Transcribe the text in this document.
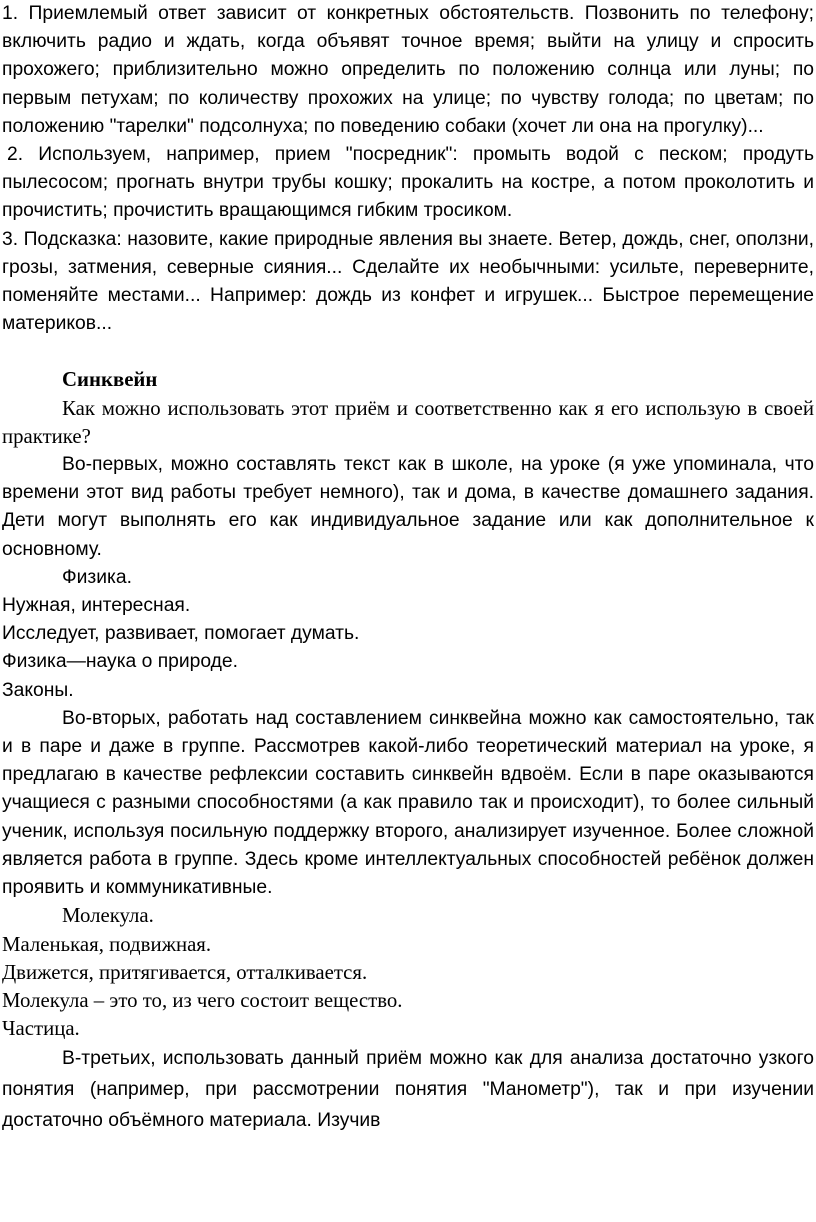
1. Приемлемый ответ зависит от конкретных обстоятельств. Позвонить по телефону; включить радио и ждать, когда объявят точное время; выйти на улицу и спросить прохожего; приблизительно можно определить по положению солнца или луны; по первым петухам; по количеству прохожих на улице; по чувству голода; по цветам; по положению "тарелки" подсолнуха; по поведению собаки (хочет ли она на прогулку)...

2. Используем, например, прием "посредник": промыть водой с песком; продуть пылесосом; прогнать внутри трубы кошку; прокалить на костре, а потом проколотить и прочистить; прочистить вращающимся гибким тросиком.

3. Подсказка: назовите, какие природные явления вы знаете. Ветер, дождь, снег, оползни, грозы, затмения, северные сияния... Сделайте их необычными: усильте, переверните, поменяйте местами... Например: дождь из конфет и игрушек... Быстрое перемещение материков...

Синквейн

Как можно использовать этот приём и соответственно как я его использую в своей практике?

Во-первых, можно составлять текст как в школе, на уроке (я уже упоминала, что времени этот вид работы требует немного), так и дома, в качестве домашнего задания. Дети могут выполнять его как индивидуальное задание или как дополнительное к основному.

Физика.

Нужная, интересная.

Исследует, развивает, помогает думать.

Физика—наука о природе.

Законы.

Во-вторых, работать над составлением синквейна можно как самостоятельно, так и в паре и даже в группе. Рассмотрев какой-либо теоретический материал на уроке, я предлагаю в качестве рефлексии составить синквейн вдвоём. Если в паре оказываются учащиеся с разными способностями (а как правило так и происходит), то более сильный ученик, используя посильную поддержку второго, анализирует изученное. Более сложной является работа в группе. Здесь кроме интеллектуальных способностей ребёнок должен проявить и коммуникативные.

Молекула.

Маленькая, подвижная.

Движется, притягивается, отталкивается.

Молекула – это то, из чего состоит вещество.

Частица.

В-третьих, использовать данный приём можно как для анализа достаточно узкого понятия (например, при рассмотрении понятия "Манометр"), так и при изучении достаточно объёмного материала. Изучив
